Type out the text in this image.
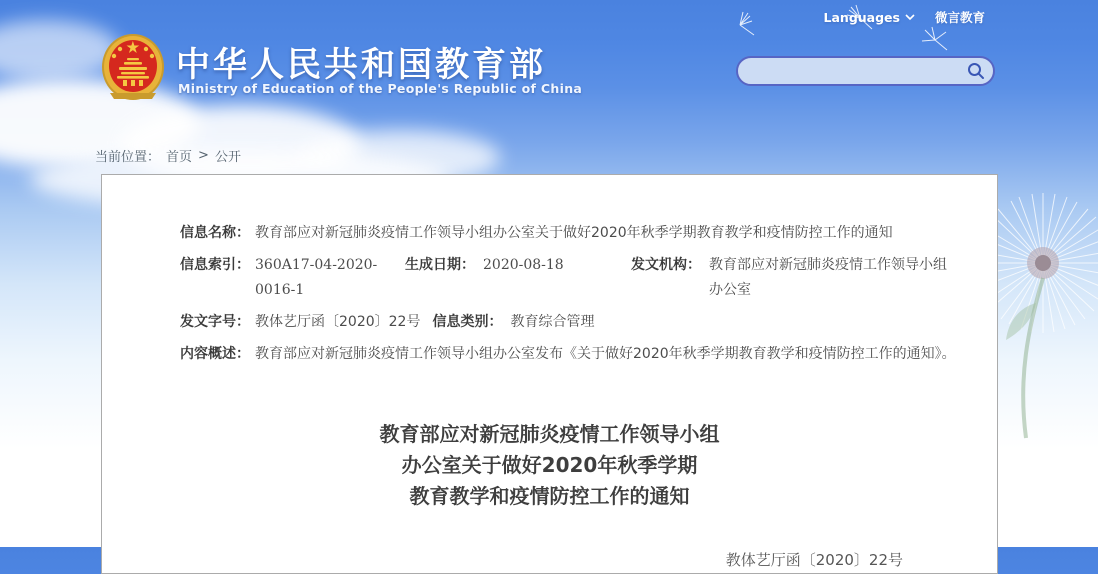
Languages	微言教育
中华人民共和国教育部
Ministry of Education of the People's Republic of China
当前位置： 首页 > 公开
信息名称： 教育部应对新冠肺炎疫情工作领导小组办公室关于做好2020年秋季学期教育教学和疫情防控工作的通知
信息索引： 360A17-04-2020-0016-1
生成日期： 2020-08-18	发文机构： 教育部应对新冠肺炎疫情工作领导小组办公室
发文字号： 教体艺厅函〔2020〕22号 信息类别： 教育综合管理
内容概述： 教育部应对新冠肺炎疫情工作领导小组办公室发布《关于做好2020年秋季学期教育教学和疫情防控工作的通知》。
教育部应对新冠肺炎疫情工作领导小组
办公室关于做好2020年秋季学期
教育教学和疫情防控工作的通知
教体艺厅函〔2020〕22号
